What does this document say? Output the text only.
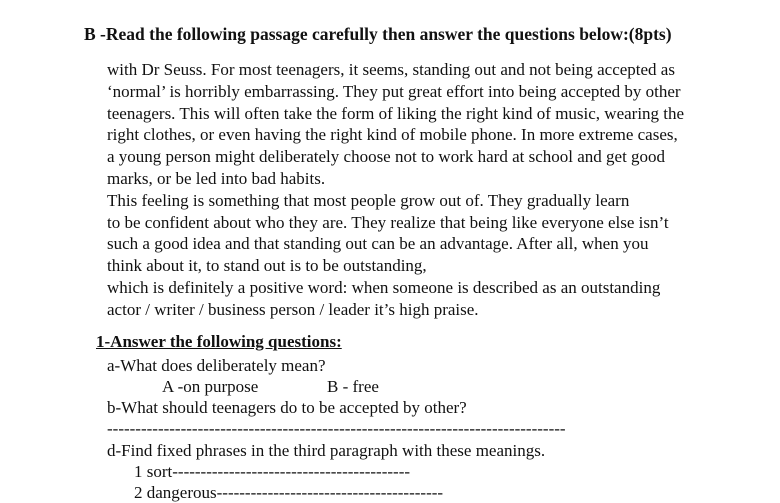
B -Read the following passage carefully then answer the questions below:(8pts)
with Dr Seuss. For most teenagers, it seems, standing out and not being accepted as
‘normal’ is horribly embarrassing. They put great effort into being accepted by other
teenagers. This will often take the form of liking the right kind of music, wearing the
right clothes, or even having the right kind of mobile phone. In more extreme cases,
a young person might deliberately choose not to work hard at school and get good
marks, or be led into bad habits.
This feeling is something that most people grow out of. They gradually learn
to be confident about who they are. They realize that being like everyone else isn’t
such a good idea and that standing out can be an advantage. After all, when you
think about it, to stand out is to be outstanding,
which is definitely a positive word: when someone is described as an outstanding
actor / writer / business person / leader it’s high praise.
1-Answer the following questions:
a-What does deliberately mean?
A -on purpose	B - free
b-What should teenagers do to be accepted by other?
---------------------------------------------------------------------------------
d-Find fixed phrases in the third paragraph with these meanings.
1 sort------------------------------------------
2 dangerous----------------------------------------
